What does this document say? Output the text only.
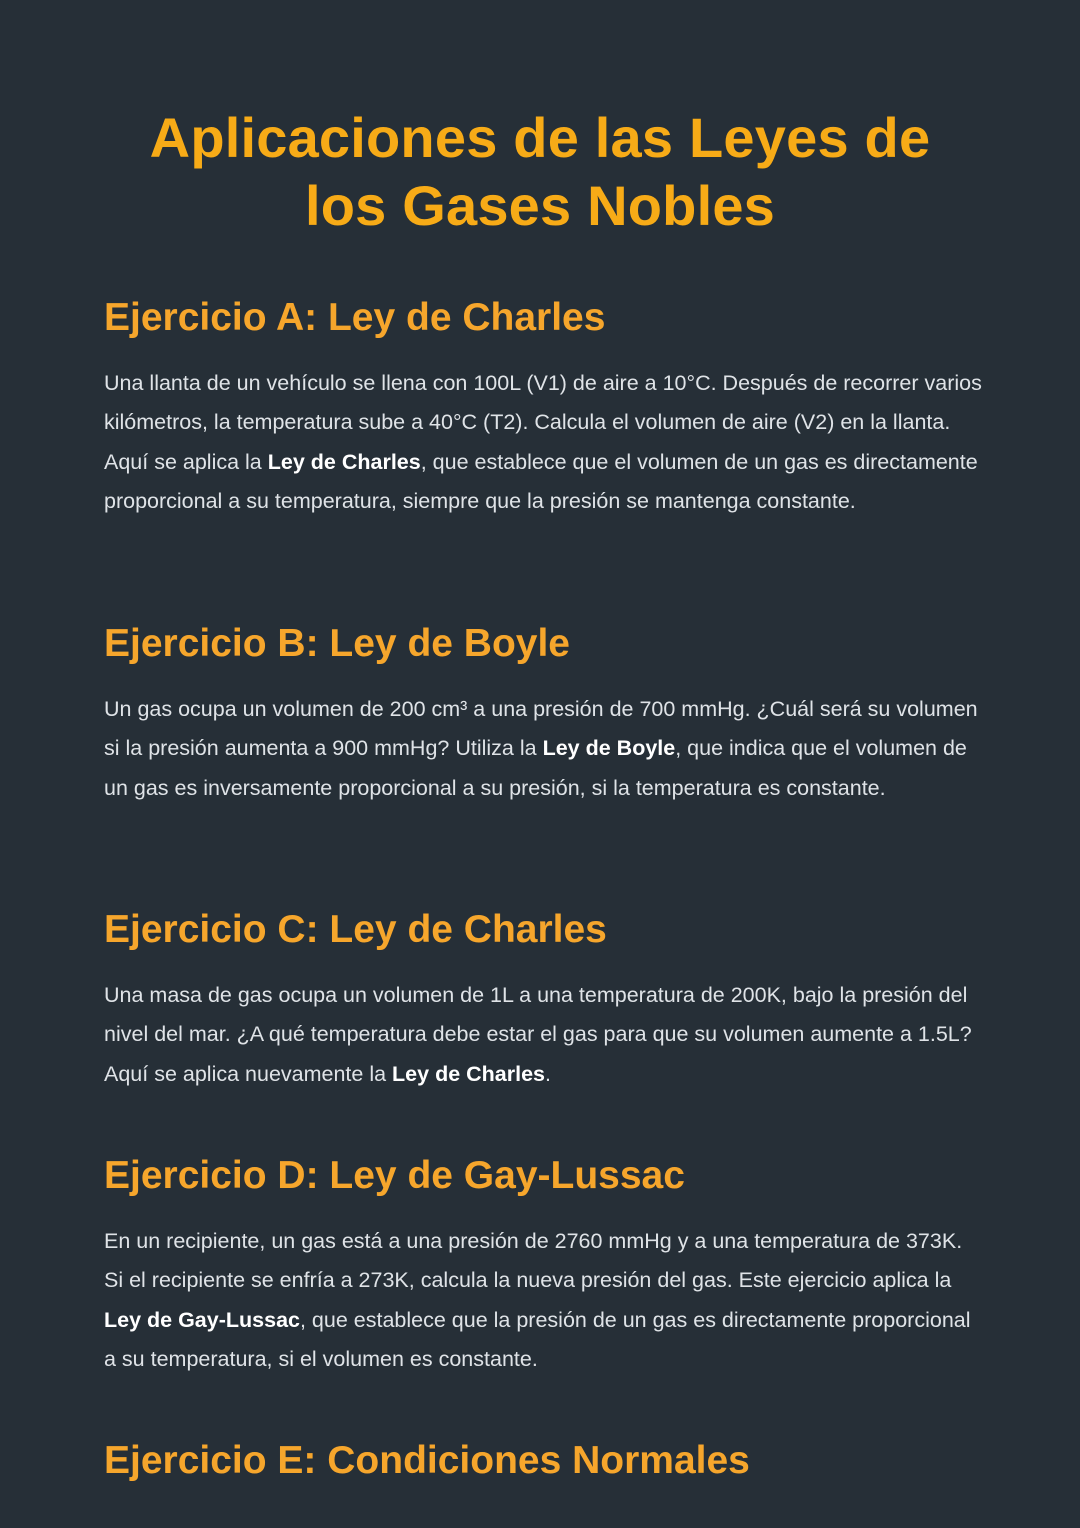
Aplicaciones de las Leyes de los Gases Nobles
Ejercicio A: Ley de Charles

Una llanta de un vehículo se llena con 100L (V1) de aire a 10°C. Después de recorrer varios kilómetros, la temperatura sube a 40°C (T2). Calcula el volumen de aire (V2) en la llanta. Aquí se aplica la Ley de Charles, que establece que el volumen de un gas es directamente proporcional a su temperatura, siempre que la presión se mantenga constante.

Ejercicio B: Ley de Boyle

Un gas ocupa un volumen de 200 cm³ a una presión de 700 mmHg. ¿Cuál será su volumen si la presión aumenta a 900 mmHg? Utiliza la Ley de Boyle, que indica que el volumen de un gas es inversamente proporcional a su presión, si la temperatura es constante.

Ejercicio C: Ley de Charles

Una masa de gas ocupa un volumen de 1L a una temperatura de 200K, bajo la presión del nivel del mar. ¿A qué temperatura debe estar el gas para que su volumen aumente a 1.5L? Aquí se aplica nuevamente la Ley de Charles.

Ejercicio D: Ley de Gay-Lussac

En un recipiente, un gas está a una presión de 2760 mmHg y a una temperatura de 373K. Si el recipiente se enfría a 273K, calcula la nueva presión del gas. Este ejercicio aplica la Ley de Gay-Lussac, que establece que la presión de un gas es directamente proporcional a su temperatura, si el volumen es constante.

Ejercicio E: Condiciones Normales
